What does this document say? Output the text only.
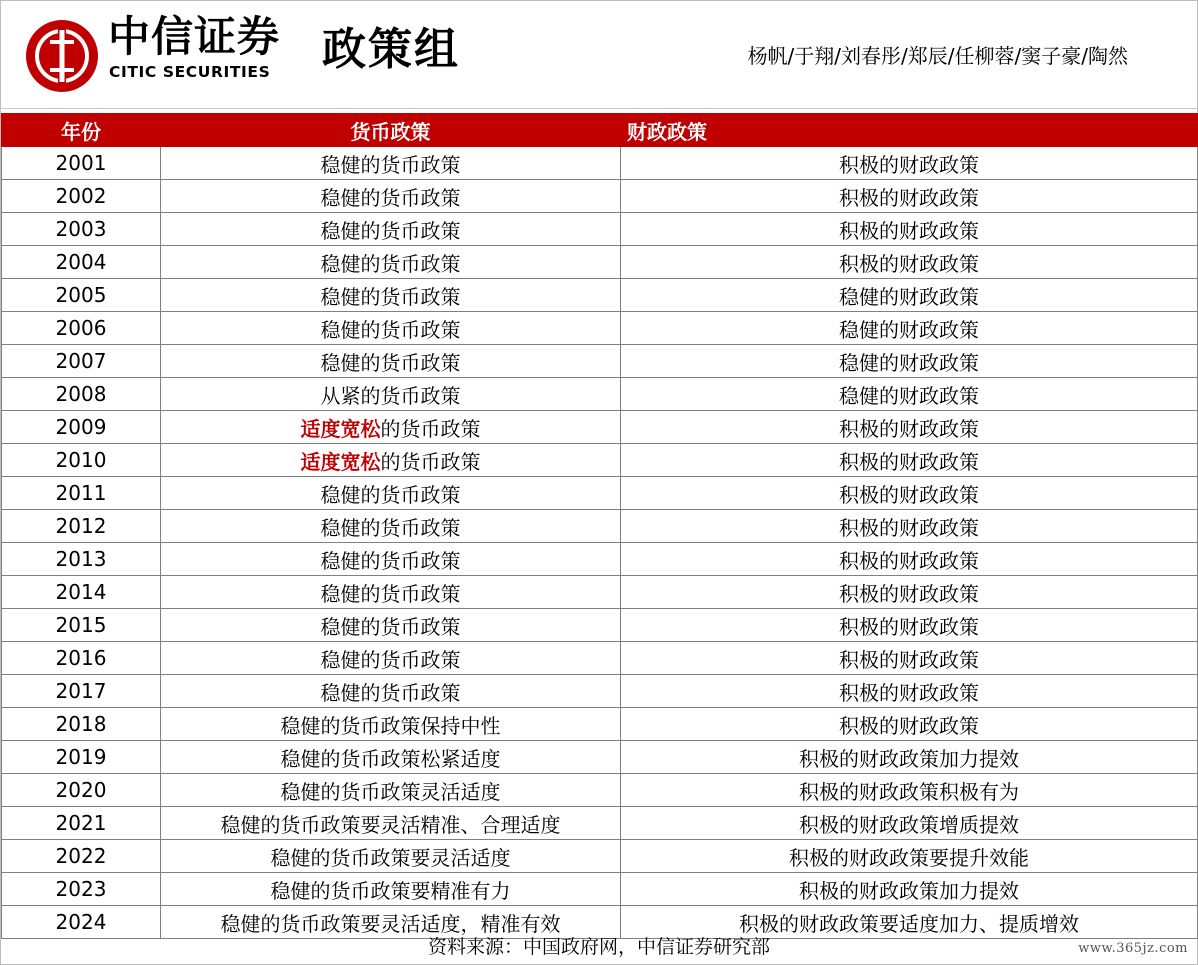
中信证券
CITIC SECURITIES 政策组	杨帆/于翔/刘春彤/郑辰/任柳蓉/窦子豪/陶然
年份	货币政策	财政政策
2001	稳健的货币政策	积极的财政政策
2002	稳健的货币政策	积极的财政政策
2003	稳健的货币政策	积极的财政政策
2004	稳健的货币政策	积极的财政政策
2005	稳健的货币政策	稳健的财政政策
2006	稳健的货币政策	稳健的财政政策
2007	稳健的货币政策	稳健的财政政策
2008	从紧的货币政策	稳健的财政政策
2009	适度宽松的货币政策	积极的财政政策
2010	适度宽松的货币政策	积极的财政政策
2011	稳健的货币政策	积极的财政政策
2012	稳健的货币政策	积极的财政政策
2013	稳健的货币政策	积极的财政政策
2014	稳健的货币政策	积极的财政政策
2015	稳健的货币政策	积极的财政政策
2016	稳健的货币政策	积极的财政政策
2017	稳健的货币政策	积极的财政政策
2018	稳健的货币政策保持中性	积极的财政政策
2019	稳健的货币政策松紧适度	积极的财政政策加力提效
2020	稳健的货币政策灵活适度	积极的财政政策积极有为
2021	稳健的货币政策要灵活精准、合理适度	积极的财政政策增质提效
2022	稳健的货币政策要灵活适度	积极的财政政策要提升效能
2023	稳健的货币政策要精准有力	积极的财政政策加力提效
2024	稳健的货币政策要灵活适度，精准有效	积极的财政政策要适度加力、提质增效
资料来源：中国政府网，中信证券研究部	www.365jz.com
